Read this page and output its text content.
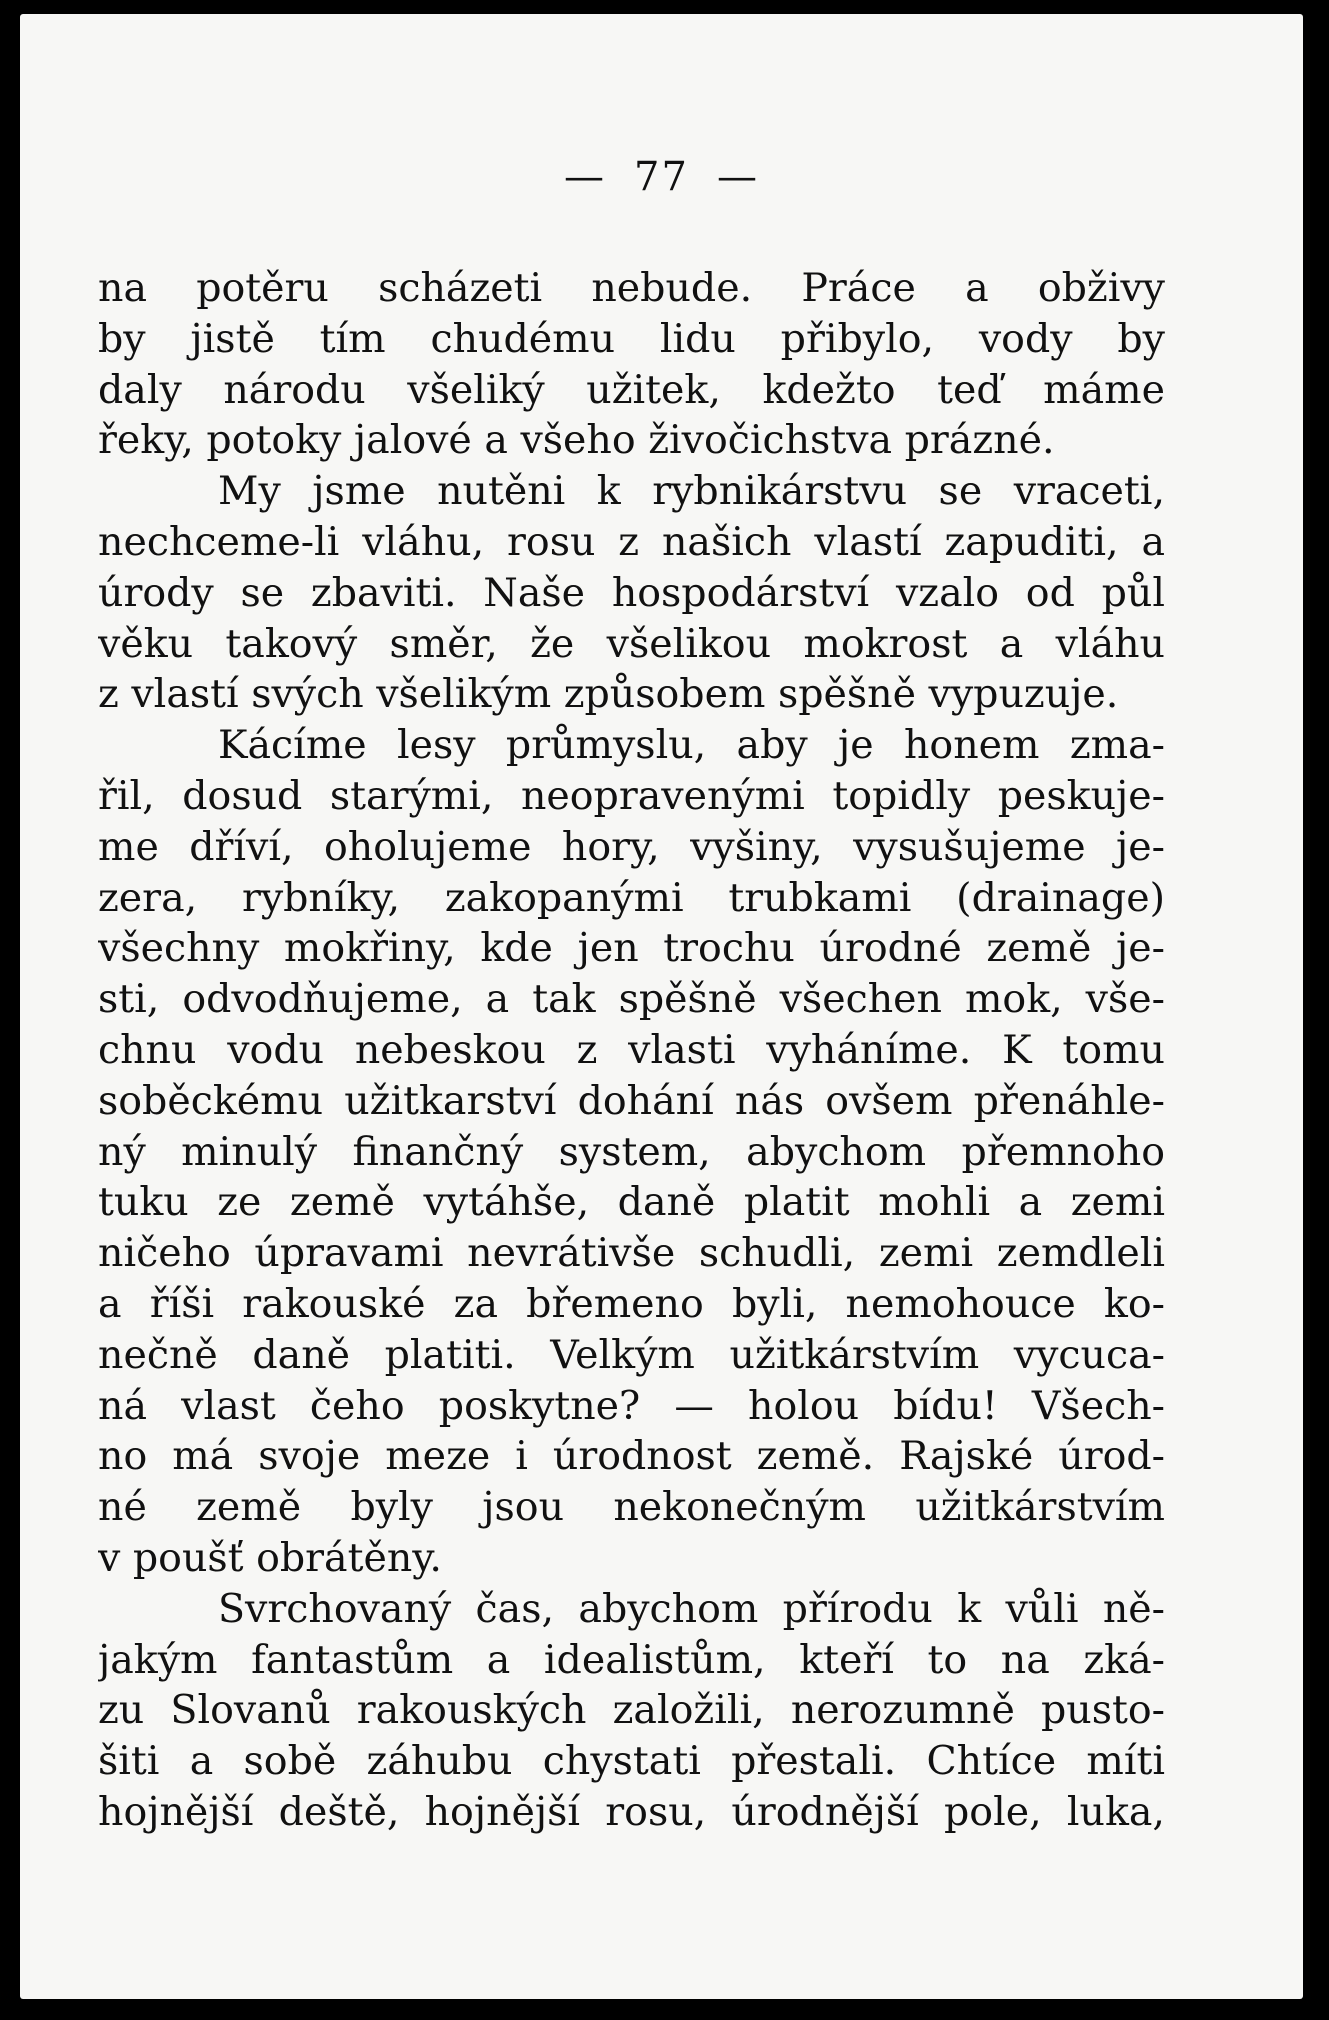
— 77 —
na potěru scházeti nebude. Práce a obživy
by jistě tím chudému lidu přibylo, vody by
daly národu všeliký užitek, kdežto teď máme
řeky, potoky jalové a všeho živočichstva prázné.
My jsme nutěni k rybnikárstvu se vraceti,
nechceme-li vláhu, rosu z našich vlastí zapuditi, a
úrody se zbaviti. Naše hospodárství vzalo od půl
věku takový směr, že všelikou mokrost a vláhu
z vlastí svých všelikým způsobem spěšně vypuzuje.
Kácíme lesy průmyslu, aby je honem zma-
řil, dosud starými, neopravenými topidly peskuje-
me dříví, oholujeme hory, vyšiny, vysušujeme je-
zera, rybníky, zakopanými trubkami (drainage)
všechny mokřiny, kde jen trochu úrodné země je-
sti, odvodňujeme, a tak spěšně všechen mok, vše-
chnu vodu nebeskou z vlasti vyháníme. K tomu
soběckému užitkarství dohání nás ovšem přenáhle-
ný minulý finančný system, abychom přemnoho
tuku ze země vytáhše, daně platit mohli a zemi
ničeho úpravami nevrátivše schudli, zemi zemdleli
a říši rakouské za břemeno byli, nemohouce ko-
nečně daně platiti. Velkým užitkárstvím vycuca-
ná vlast čeho poskytne? — holou bídu! Všech-
no má svoje meze i úrodnost země. Rajské úrod-
né země byly jsou nekonečným užitkárstvím
v poušť obrátěny.
Svrchovaný čas, abychom přírodu k vůli ně-
jakým fantastům a idealistům, kteří to na zká-
zu Slovanů rakouských založili, nerozumně pusto-
šiti a sobě záhubu chystati přestali. Chtíce míti
hojnější deště, hojnější rosu, úrodnější pole, luka,
